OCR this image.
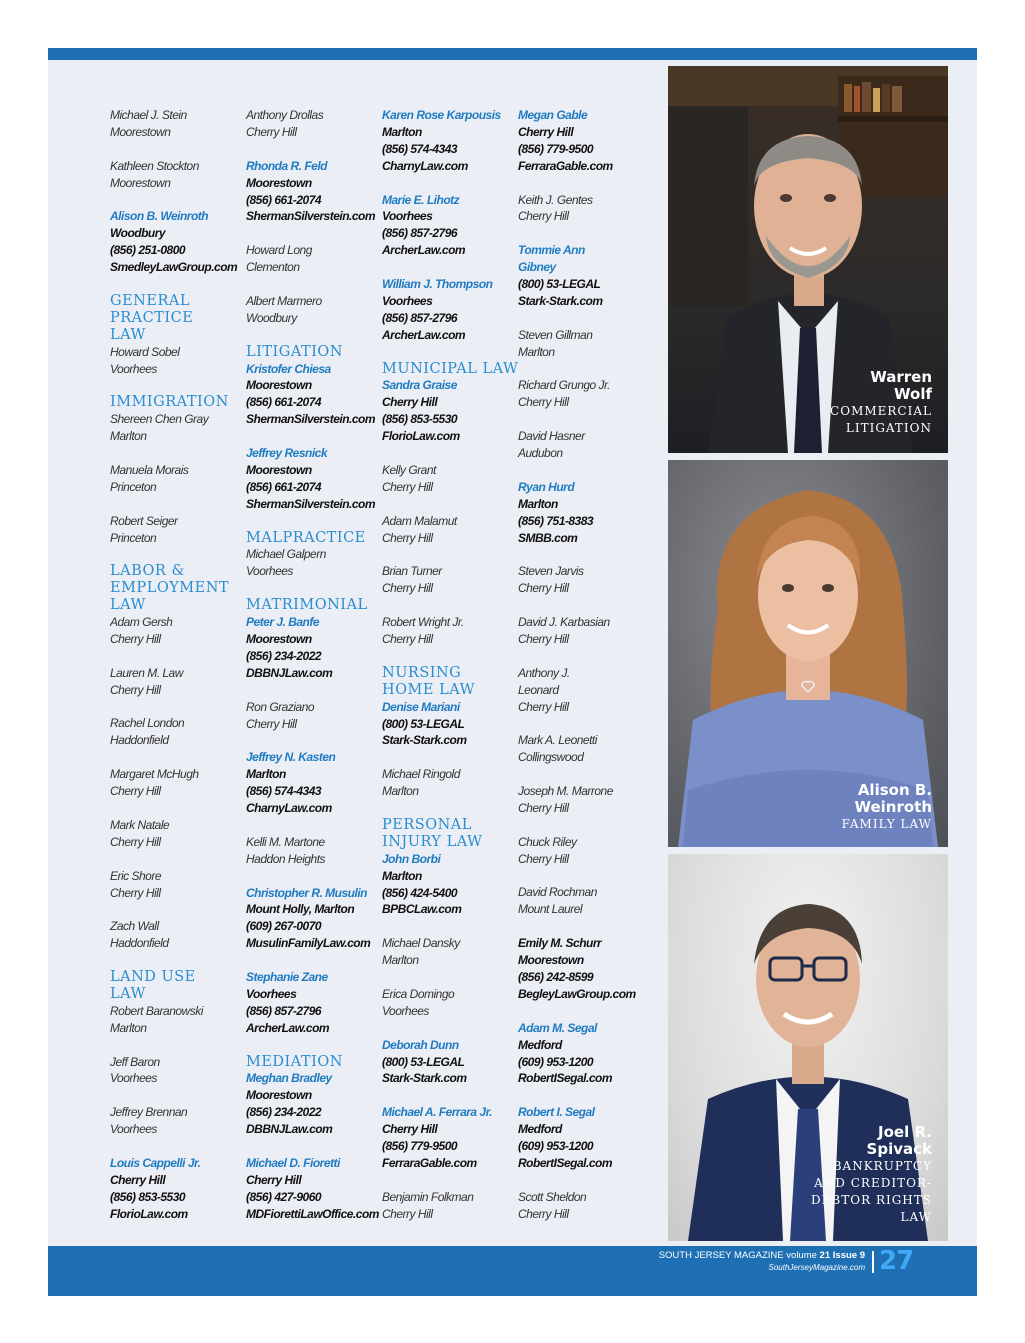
Michael J. Stein
Moorestown
Kathleen Stockton
Moorestown
Alison B. Weinroth
Woodbury
(856) 251-0800
SmedleyLawGroup.com
GENERAL
PRACTICE
LAW
Howard Sobel
Voorhees
IMMIGRATION
Shereen Chen Gray
Marlton
Manuela Morais
Princeton
Robert Seiger
Princeton
LABOR &
EMPLOYMENT
LAW
Adam Gersh
Cherry Hill
Lauren M. Law
Cherry Hill
Rachel London
Haddonfield
Margaret McHugh
Cherry Hill
Mark Natale
Cherry Hill
Eric Shore
Cherry Hill
Zach Wall
Haddonfield
LAND USE
LAW
Robert Baranowski
Marlton
Jeff Baron
Voorhees
Jeffrey Brennan
Voorhees
Louis Cappelli Jr.
Cherry Hill
(856) 853-5530
FlorioLaw.com
Anthony Drollas
Cherry Hill
Rhonda R. Feld
Moorestown
(856) 661-2074
ShermanSilverstein.com
Howard Long
Clementon
Albert Marmero
Woodbury
LITIGATION
Kristofer Chiesa
Moorestown
(856) 661-2074
ShermanSilverstein.com
Jeffrey Resnick
Moorestown
(856) 661-2074
ShermanSilverstein.com
MALPRACTICE
Michael Galpern
Voorhees
MATRIMONIAL
Peter J. Banfe
Moorestown
(856) 234-2022
DBBNJLaw.com
Ron Graziano
Cherry Hill
Jeffrey N. Kasten
Marlton
(856) 574-4343
CharnyLaw.com
Kelli M. Martone
Haddon Heights
Christopher R. Musulin
Mount Holly, Marlton
(609) 267-0070
MusulinFamilyLaw.com
Stephanie Zane
Voorhees
(856) 857-2796
ArcherLaw.com
MEDIATION
Meghan Bradley
Moorestown
(856) 234-2022
DBBNJLaw.com
Michael D. Fioretti
Cherry Hill
(856) 427-9060
MDFiorettiLawOffice.com
Karen Rose Karpousis
Marlton
(856) 574-4343
CharnyLaw.com
Marie E. Lihotz
Voorhees
(856) 857-2796
ArcherLaw.com
William J. Thompson
Voorhees
(856) 857-2796
ArcherLaw.com
MUNICIPAL LAW
Sandra Graise
Cherry Hill
(856) 853-5530
FlorioLaw.com
Kelly Grant
Cherry Hill
Adam Malamut
Cherry Hill
Brian Turner
Cherry Hill
Robert Wright Jr.
Cherry Hill
NURSING
HOME LAW
Denise Mariani
(800) 53-LEGAL
Stark-Stark.com
Michael Ringold
Marlton
PERSONAL
INJURY LAW
John Borbi
Marlton
(856) 424-5400
BPBCLaw.com
Michael Dansky
Marlton
Erica Domingo
Voorhees
Deborah Dunn
(800) 53-LEGAL
Stark-Stark.com
Michael A. Ferrara Jr.
Cherry Hill
(856) 779-9500
FerraraGable.com
Benjamin Folkman
Cherry Hill
Megan Gable
Cherry Hill
(856) 779-9500
FerraraGable.com
Keith J. Gentes
Cherry Hill
Tommie Ann
Gibney
(800) 53-LEGAL
Stark-Stark.com
Steven Gillman
Marlton
Richard Grungo Jr.
Cherry Hill
David Hasner
Audubon
Ryan Hurd
Marlton
(856) 751-8383
SMBB.com
Steven Jarvis
Cherry Hill
David J. Karbasian
Cherry Hill
Anthony J.
Leonard
Cherry Hill
Mark A. Leonetti
Collingswood
Joseph M. Marrone
Cherry Hill
Chuck Riley
Cherry Hill
David Rochman
Mount Laurel
Emily M. Schurr
Moorestown
(856) 242-8599
BegleyLawGroup.com
Adam M. Segal
Medford
(609) 953-1200
RobertISegal.com
Robert I. Segal
Medford
(609) 953-1200
RobertISegal.com
Scott Sheldon
Cherry Hill
Warren
Wolf
COMMERCIAL
LITIGATION
Alison B.
Weinroth
FAMILY LAW
Joel R.
Spivack
BANKRUPTCY
AND CREDITOR-
DEBTOR RIGHTS
LAW
SOUTH JERSEY MAGAZINE volume 21 Issue 9
SouthJerseyMagazine.com 27
